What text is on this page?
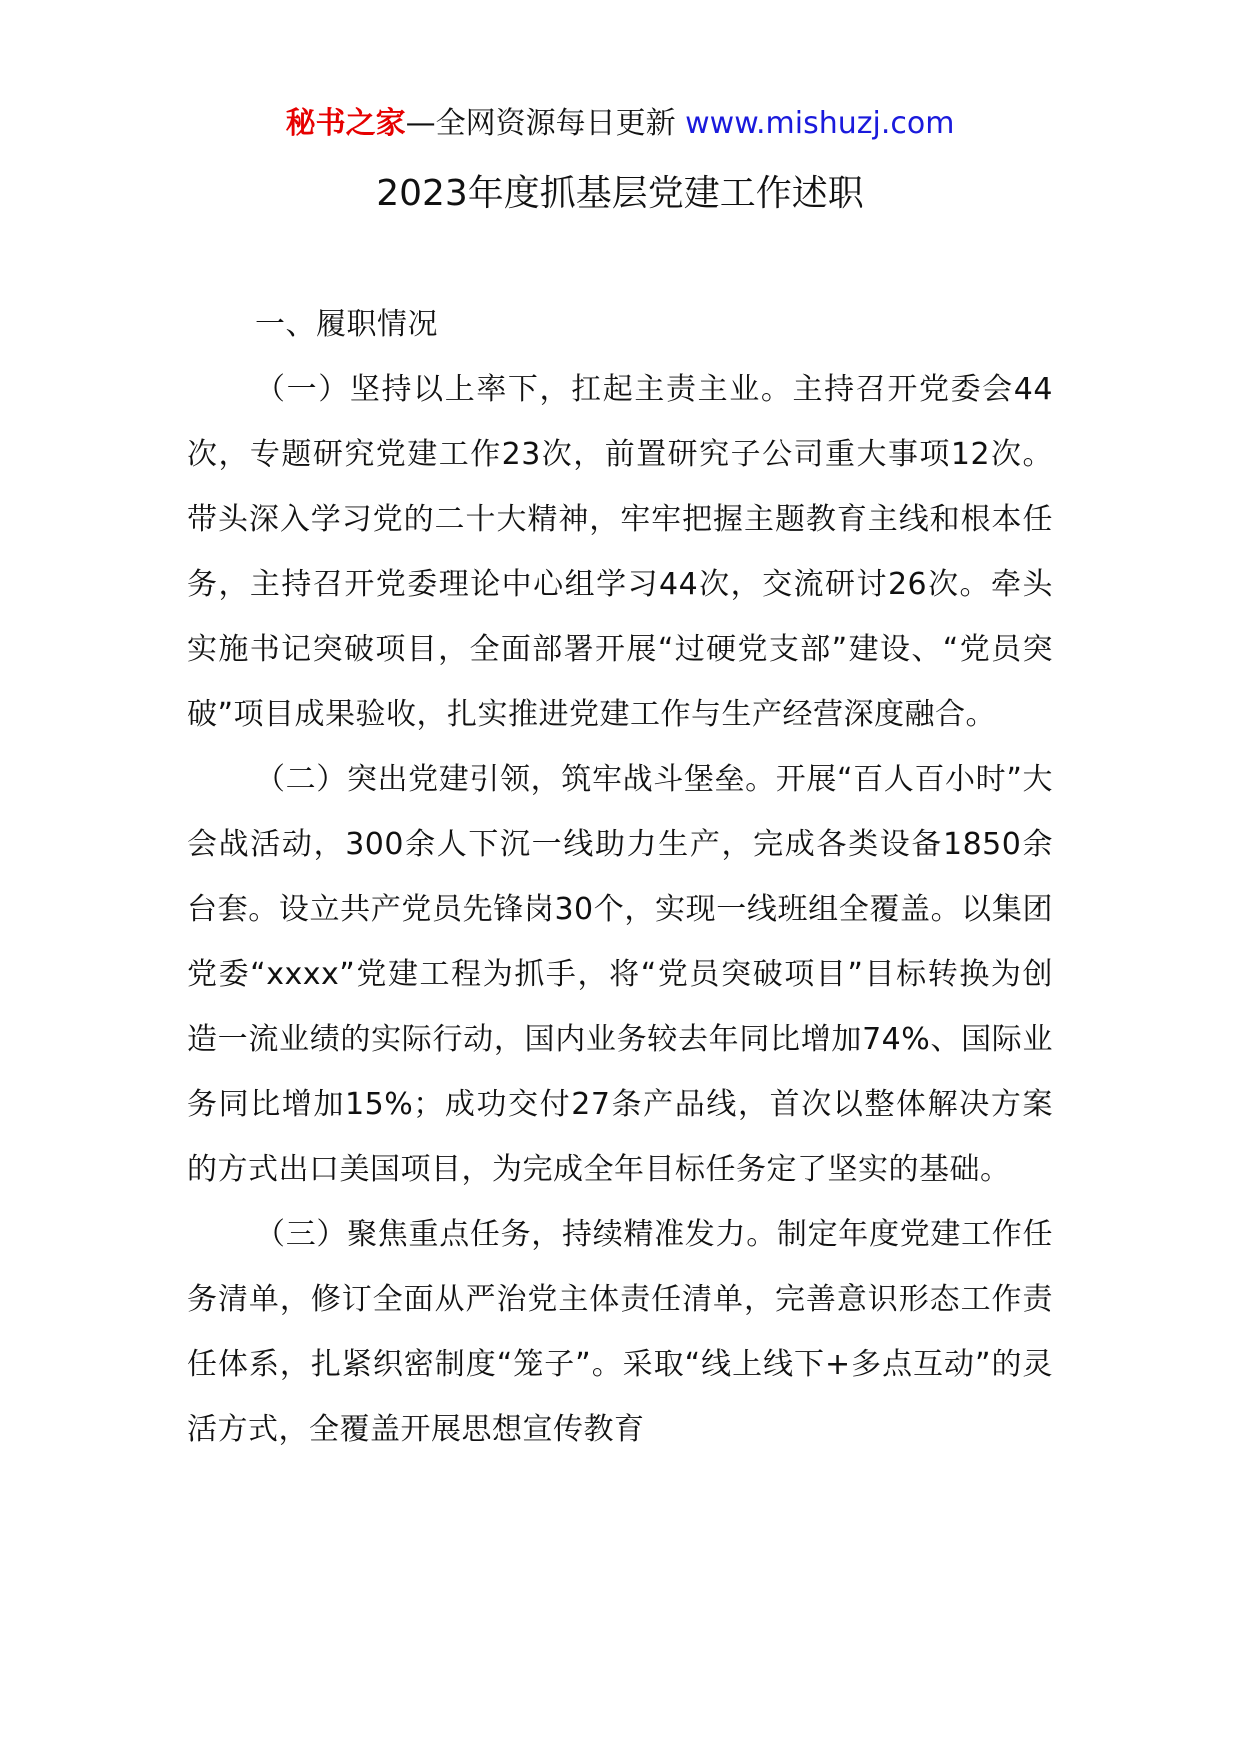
秘书之家—全网资源每日更新 www.mishuzj.com
2023年度抓基层党建工作述职

一、履职情况

（一）坚持以上率下，扛起主责主业。主持召开党委会44次，专题研究党建工作23次，前置研究子公司重大事项12次。带头深入学习党的二十大精神，牢牢把握主题教育主线和根本任务，主持召开党委理论中心组学习44次，交流研讨26次。牵头实施书记突破项目，全面部署开展“过硬党支部”建设、“党员突破”项目成果验收，扎实推进党建工作与生产经营深度融合。

（二）突出党建引领，筑牢战斗堡垒。开展“百人百小时”大会战活动，300余人下沉一线助力生产，完成各类设备1850余台套。设立共产党员先锋岗30个，实现一线班组全覆盖。以集团党委“xxxx”党建工程为抓手，将“党员突破项目”目标转换为创造一流业绩的实际行动，国内业务较去年同比增加74%、国际业务同比增加15%；成功交付27条产品线，首次以整体解决方案的方式出口美国项目，为完成全年目标任务定了坚实的基础。

（三）聚焦重点任务，持续精准发力。制定年度党建工作任务清单，修订全面从严治党主体责任清单，完善意识形态工作责任体系，扎紧织密制度“笼子”。采取“线上线下+多点互动”的灵活方式，全覆盖开展思想宣传教育
